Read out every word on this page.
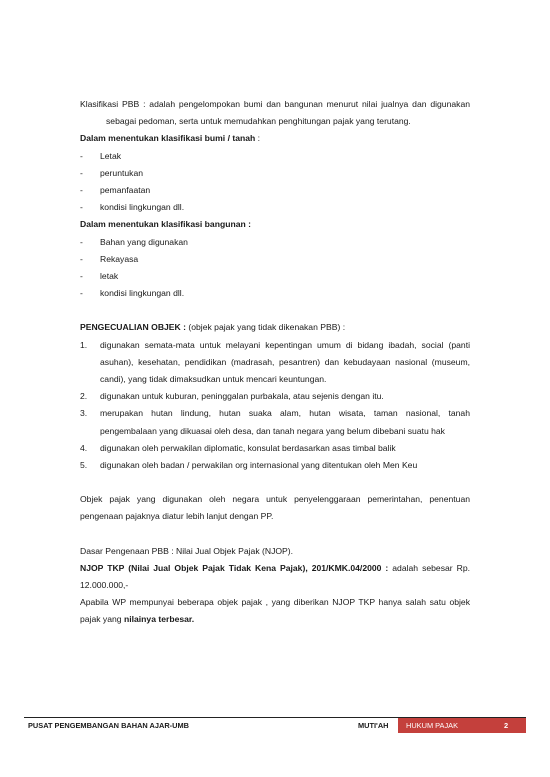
Klasifikasi PBB : adalah pengelompokan bumi dan bangunan menurut nilai jualnya dan digunakan sebagai pedoman, serta untuk memudahkan penghitungan pajak yang terutang.

Dalam menentukan klasifikasi bumi / tanah :

-	Letak
-	peruntukan
-	pemanfaatan
-	kondisi lingkungan dll.

Dalam menentukan klasifikasi bangunan :

-	Bahan yang digunakan
-	Rekayasa
-	letak
-	kondisi lingkungan dll.

PENGECUALIAN OBJEK : (objek pajak yang tidak dikenakan PBB) :

1.	digunakan semata-mata untuk melayani kepentingan umum di bidang ibadah, social (panti asuhan), kesehatan, pendidikan (madrasah, pesantren) dan kebudayaan nasional (museum, candi), yang tidak dimaksudkan untuk mencari keuntungan.
2.	digunakan untuk kuburan, peninggalan purbakala, atau sejenis dengan itu.
3.	merupakan hutan lindung, hutan suaka alam, hutan wisata, taman nasional, tanah pengembalaan yang dikuasai oleh desa, dan tanah negara yang belum dibebani suatu hak
4.	digunakan oleh perwakilan diplomatic, konsulat berdasarkan asas timbal balik
5.	digunakan oleh badan / perwakilan org internasional yang ditentukan oleh Men Keu

Objek pajak yang digunakan oleh negara untuk penyelenggaraan pemerintahan, penentuan pengenaan pajaknya diatur lebih lanjut dengan PP.

Dasar Pengenaan PBB : Nilai Jual Objek Pajak (NJOP).

NJOP TKP (Nilai Jual Objek Pajak Tidak Kena Pajak), 201/KMK.04/2000 : adalah sebesar Rp. 12.000.000,-

Apabila WP mempunyai beberapa objek pajak , yang diberikan NJOP TKP hanya salah satu objek pajak yang nilainya terbesar.

PUSAT PENGEMBANGAN BAHAN AJAR-UMB	MUTI'AH HUKUM PAJAK	2
